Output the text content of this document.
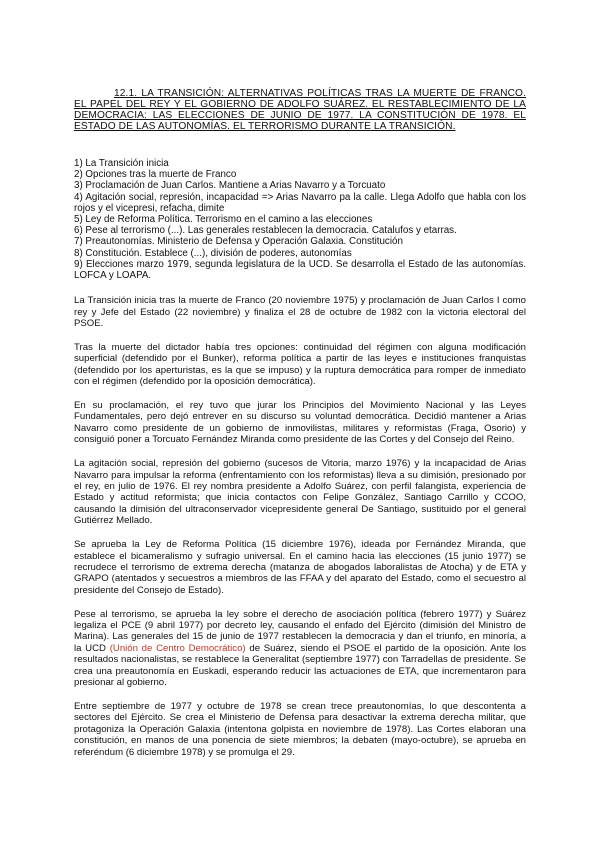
12.1. LA TRANSICIÓN: ALTERNATIVAS POLÍTICAS TRAS LA MUERTE DE FRANCO. EL PAPEL DEL REY Y EL GOBIERNO DE ADOLFO SUÁREZ. EL RESTABLECIMIENTO DE LA DEMOCRACIA: LAS ELECCIONES DE JUNIO DE 1977. LA CONSTITUCIÓN DE 1978. EL ESTADO DE LAS AUTONOMÍAS. EL TERRORISMO DURANTE LA TRANSICIÓN.
1) La Transición inicia
2) Opciones tras la muerte de Franco
3) Proclamación de Juan Carlos. Mantiene a Arias Navarro y a Torcuato
4) Agitación social, represión, incapacidad => Arias Navarro pa la calle. Llega Adolfo que habla con los rojos y el vicepresi, refacha, dimite
5) Ley de Reforma Política. Terrorismo en el camino a las elecciones
6) Pese al terrorismo (...). Las generales restablecen la democracia. Catalufos y etarras.
7) Preautonomías. Ministerio de Defensa y Operación Galaxia. Constitución
8) Constitución. Establece (...), división de poderes, autonomías
9) Elecciones marzo 1979, segunda legislatura de la UCD. Se desarrolla el Estado de las autonomías. LOFCA y LOAPA.

La Transición inicia tras la muerte de Franco (20 noviembre 1975) y proclamación de Juan Carlos I como rey y Jefe del Estado (22 noviembre) y finaliza el 28 de octubre de 1982 con la victoria electoral del PSOE.

Tras la muerte del dictador había tres opciones: continuidad del régimen con alguna modificación superficial (defendido por el Bunker), reforma política a partir de las leyes e instituciones franquistas (defendido por los aperturistas, es la que se impuso) y la ruptura democrática para romper de inmediato con el régimen (defendido por la oposición democrática).

En su proclamación, el rey tuvo que jurar los Principios del Movimiento Nacional y las Leyes Fundamentales, pero dejó entrever en su discurso su voluntad democrática. Decidió mantener a Arias Navarro como presidente de un gobierno de inmovilistas, militares y reformistas (Fraga, Osorio) y consiguió poner a Torcuato Fernández Miranda como presidente de las Cortes y del Consejo del Reino.

La agitación social, represión del gobierno (sucesos de Vitoria, marzo 1976) y la incapacidad de Arias Navarro para impulsar la reforma (enfrentamiento con los reformistas) lleva a su dimisión, presionado por el rey, en julio de 1976. El rey nombra presidente a Adolfo Suárez, con perfil falangista, experiencia de Estado y actitud reformista; que inicia contactos con Felipe González, Santiago Carrillo y CCOO, causando la dimisión del ultraconservador vicepresidente general De Santiago, sustituido por el general Gutiérrez Mellado.

Se aprueba la Ley de Reforma Política (15 diciembre 1976), ideada por Fernández Miranda, que establece el bicameralismo y sufragio universal. En el camino hacia las elecciones (15 junio 1977) se recrudece el terrorismo de extrema derecha (matanza de abogados laboralistas de Atocha) y de ETA y GRAPO (atentados y secuestros a miembros de las FFAA y del aparato del Estado, como el secuestro al presidente del Consejo de Estado).

Pese al terrorismo, se aprueba la ley sobre el derecho de asociación política (febrero 1977) y Suárez legaliza el PCE (9 abril 1977) por decreto ley, causando el enfado del Ejército (dimisión del Ministro de Marina). Las generales del 15 de junio de 1977 restablecen la democracia y dan el triunfo, en minoría, a la UCD (Unión de Centro Democrático) de Suárez, siendo el PSOE el partido de la oposición. Ante los resultados nacionalistas, se restablece la Generalitat (septiembre 1977) con Tarradellas de presidente. Se crea una preautonomía en Euskadi, esperando reducir las actuaciones de ETA, que incrementaron para presionar al gobierno.

Entre septiembre de 1977 y octubre de 1978 se crean trece preautonomías, lo que descontenta a sectores del Ejército. Se crea el Ministerio de Defensa para desactivar la extrema derecha militar, que protagoniza la Operación Galaxia (intentona golpista en noviembre de 1978). Las Cortes elaboran una constitución, en manos de una ponencia de siete miembros; la debaten (mayo-octubre), se aprueba en referéndum (6 diciembre 1978) y se promulga el 29.
